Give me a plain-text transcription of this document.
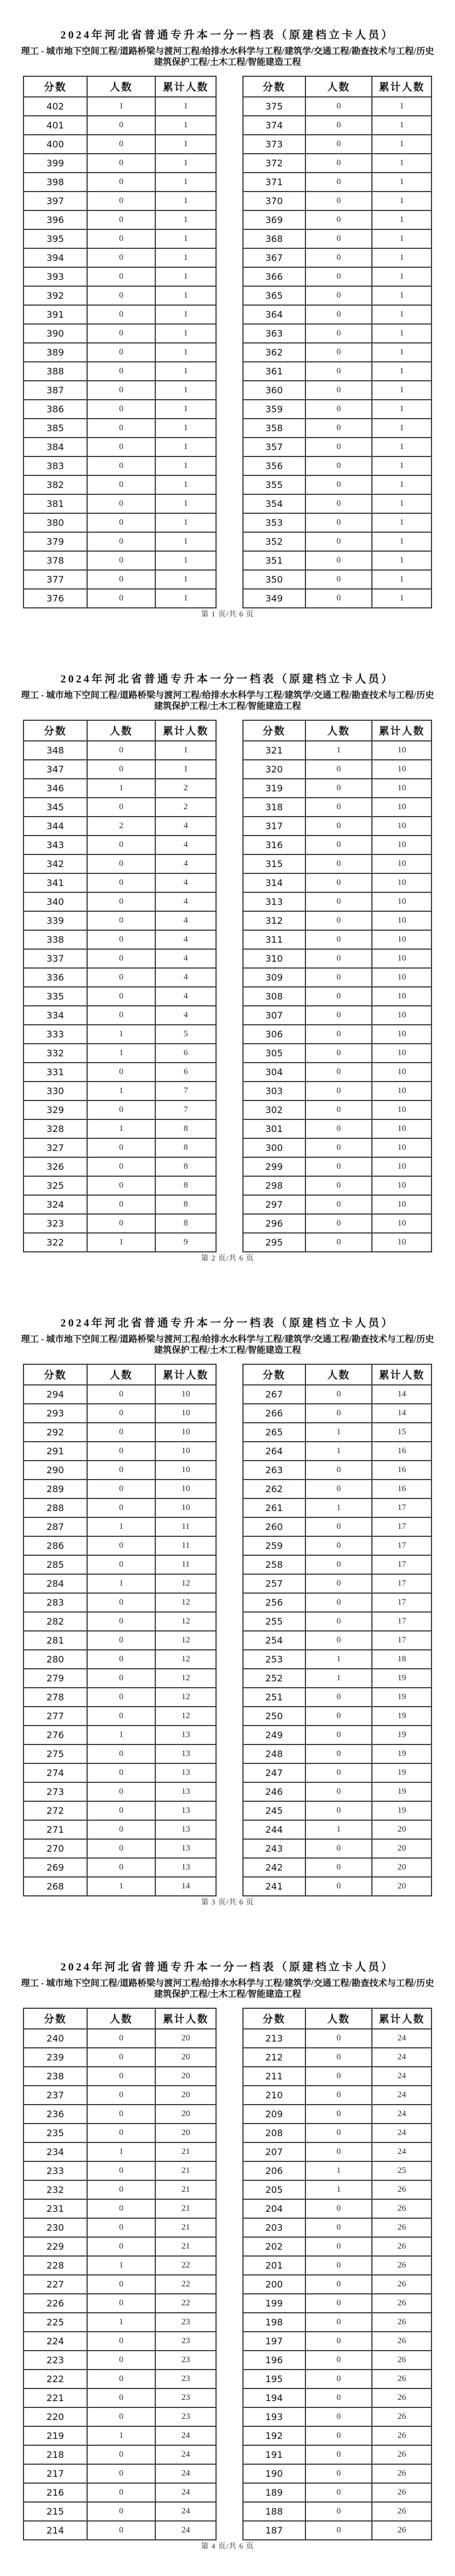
2024年河北省普通专升本一分一档表（原建档立卡人员）
理工 - 城市地下空间工程/道路桥梁与渡河工程/给排水水科学与工程/建筑学/交通工程/勘查技术与工程/历史建筑保护工程/土木工程/智能建造工程
分数	人数	累计人数
402	1	1
401	0	1
400	0	1
399	0	1
398	0	1
397	0	1
396	0	1
395	0	1
394	0	1
393	0	1
392	0	1
391	0	1
390	0	1
389	0	1
388	0	1
387	0	1
386	0	1
385	0	1
384	0	1
383	0	1
382	0	1
381	0	1
380	0	1
379	0	1
378	0	1
377	0	1
376	0	1
分数	人数	累计人数
375	0	1
374	0	1
373	0	1
372	0	1
371	0	1
370	0	1
369	0	1
368	0	1
367	0	1
366	0	1
365	0	1
364	0	1
363	0	1
362	0	1
361	0	1
360	0	1
359	0	1
358	0	1
357	0	1
356	0	1
355	0	1
354	0	1
353	0	1
352	0	1
351	0	1
350	0	1
349	0	1
第 1 页/共 6 页
2024年河北省普通专升本一分一档表（原建档立卡人员）
理工 - 城市地下空间工程/道路桥梁与渡河工程/给排水水科学与工程/建筑学/交通工程/勘查技术与工程/历史建筑保护工程/土木工程/智能建造工程
分数	人数	累计人数
348	0	1
347	0	1
346	1	2
345	0	2
344	2	4
343	0	4
342	0	4
341	0	4
340	0	4
339	0	4
338	0	4
337	0	4
336	0	4
335	0	4
334	0	4
333	1	5
332	1	6
331	0	6
330	1	7
329	0	7
328	1	8
327	0	8
326	0	8
325	0	8
324	0	8
323	0	8
322	1	9
分数	人数	累计人数
321	1	10
320	0	10
319	0	10
318	0	10
317	0	10
316	0	10
315	0	10
314	0	10
313	0	10
312	0	10
311	0	10
310	0	10
309	0	10
308	0	10
307	0	10
306	0	10
305	0	10
304	0	10
303	0	10
302	0	10
301	0	10
300	0	10
299	0	10
298	0	10
297	0	10
296	0	10
295	0	10
第 2 页/共 6 页
2024年河北省普通专升本一分一档表（原建档立卡人员）
理工 - 城市地下空间工程/道路桥梁与渡河工程/给排水水科学与工程/建筑学/交通工程/勘查技术与工程/历史建筑保护工程/土木工程/智能建造工程
分数	人数	累计人数
294	0	10
293	0	10
292	0	10
291	0	10
290	0	10
289	0	10
288	0	10
287	1	11
286	0	11
285	0	11
284	1	12
283	0	12
282	0	12
281	0	12
280	0	12
279	0	12
278	0	12
277	0	12
276	1	13
275	0	13
274	0	13
273	0	13
272	0	13
271	0	13
270	0	13
269	0	13
268	1	14
分数	人数	累计人数
267	0	14
266	0	14
265	1	15
264	1	16
263	0	16
262	0	16
261	1	17
260	0	17
259	0	17
258	0	17
257	0	17
256	0	17
255	0	17
254	0	17
253	1	18
252	1	19
251	0	19
250	0	19
249	0	19
248	0	19
247	0	19
246	0	19
245	0	19
244	1	20
243	0	20
242	0	20
241	0	20
第 3 页/共 6 页
2024年河北省普通专升本一分一档表（原建档立卡人员）
理工 - 城市地下空间工程/道路桥梁与渡河工程/给排水水科学与工程/建筑学/交通工程/勘查技术与工程/历史建筑保护工程/土木工程/智能建造工程
分数	人数	累计人数
240	0	20
239	0	20
238	0	20
237	0	20
236	0	20
235	0	20
234	1	21
233	0	21
232	0	21
231	0	21
230	0	21
229	0	21
228	1	22
227	0	22
226	0	22
225	1	23
224	0	23
223	0	23
222	0	23
221	0	23
220	0	23
219	1	24
218	0	24
217	0	24
216	0	24
215	0	24
214	0	24
分数	人数	累计人数
213	0	24
212	0	24
211	0	24
210	0	24
209	0	24
208	0	24
207	0	24
206	1	25
205	1	26
204	0	26
203	0	26
202	0	26
201	0	26
200	0	26
199	0	26
198	0	26
197	0	26
196	0	26
195	0	26
194	0	26
193	0	26
192	0	26
191	0	26
190	0	26
189	0	26
188	0	26
187	0	26
第 4 页/共 6 页
